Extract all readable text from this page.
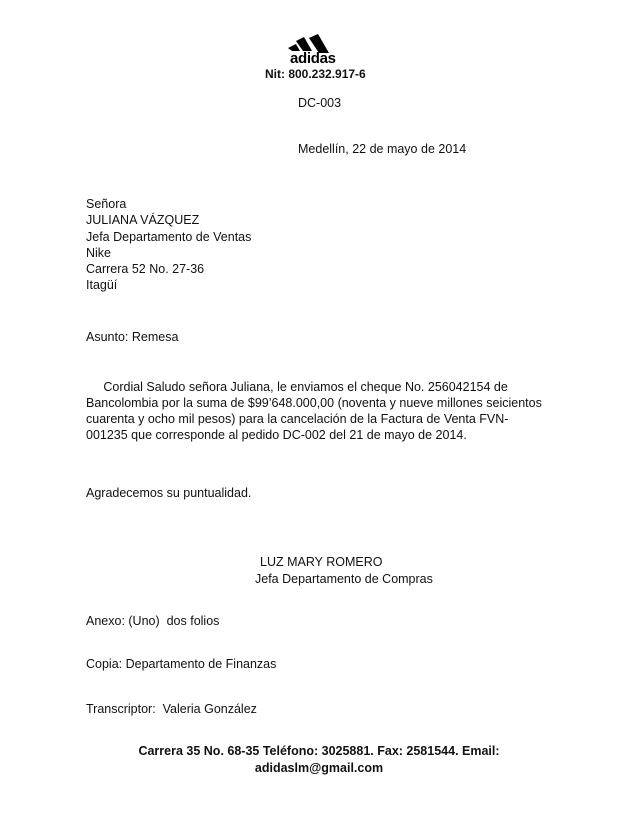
adidas
Nit: 800.232.917-6
DC-003
Medellín, 22 de mayo de 2014
Señora
JULIANA VÁZQUEZ
Jefa Departamento de Ventas
Nike
Carrera 52 No. 27-36
Itagüí
Asunto: Remesa
Cordial Saludo señora Juliana, le enviamos el cheque No. 256042154 de
Bancolombia por la suma de $99’648.000,00 (noventa y nueve millones seicientos
cuarenta y ocho mil pesos) para la cancelación de la Factura de Venta FVN-
001235 que corresponde al pedido DC-002 del 21 de mayo de 2014.
Agradecemos su puntualidad.
LUZ MARY ROMERO
Jefa Departamento de Compras
Anexo: (Uno)  dos folios
Copia: Departamento de Finanzas
Transcriptor:  Valeria González
Carrera 35 No. 68-35 Teléfono: 3025881. Fax: 2581544. Email:
adidaslm@gmail.com
